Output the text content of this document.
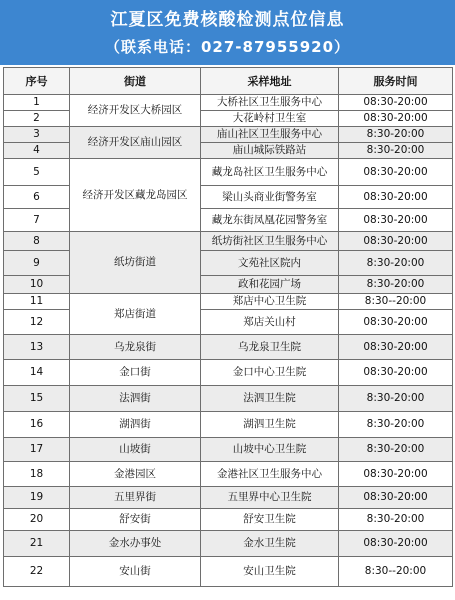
江夏区免费核酸检测点位信息
（联系电话：027-87955920）
序号	街道	采样地址	服务时间
1	经济开发区大桥园区	大桥社区卫生服务中心	08:30-20:00
2		大花岭村卫生室	08:30-20:00
3	经济开发区庙山园区	庙山社区卫生服务中心	8:30-20:00
4		庙山城际铁路站	8:30-20:00
5	经济开发区藏龙岛园区	藏龙岛社区卫生服务中心	08:30-20:00
6		梁山头商业街警务室	08:30-20:00
7		藏龙东街凤凰花园警务室	08:30-20:00
8	纸坊街道	纸坊街社区卫生服务中心	08:30-20:00
9		文苑社区院内	8:30-20:00
10		政和花园广场	8:30-20:00
11	郑店街道	郑店中心卫生院	8:30--20:00
12		郑店关山村	08:30-20:00
13	乌龙泉街	乌龙泉卫生院	08:30-20:00
14	金口街	金口中心卫生院	08:30-20:00
15	法泗街	法泗卫生院	8:30-20:00
16	湖泗街	湖泗卫生院	8:30-20:00
17	山坡街	山坡中心卫生院	8:30-20:00
18	金港园区	金港社区卫生服务中心	08:30-20:00
19	五里界街	五里界中心卫生院	08:30-20:00
20	舒安街	舒安卫生院	8:30-20:00
21	金水办事处	金水卫生院	08:30-20:00
22	安山街	安山卫生院	8:30--20:00
